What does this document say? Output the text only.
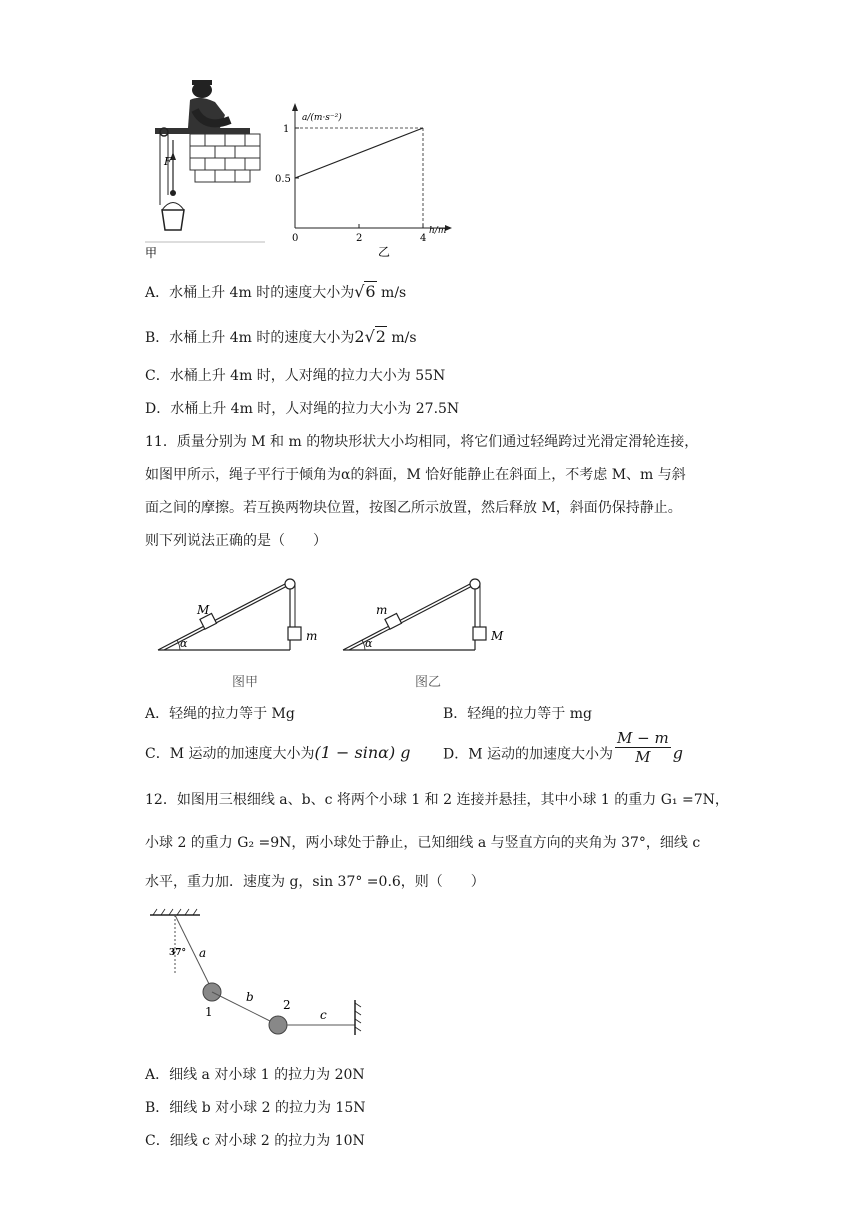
F
甲
a/(m·s⁻²)
h/m
1
0.5
0	2	4
乙
A．水桶上升 4m 时的速度大小为√6 m/s
B．水桶上升 4m 时的速度大小为2√2 m/s
C．水桶上升 4m 时，人对绳的拉力大小为 55N
D．水桶上升 4m 时，人对绳的拉力大小为 27.5N
11．质量分别为 M 和 m 的物块形状大小均相同，将它们通过轻绳跨过光滑定滑轮连接，
如图甲所示，绳子平行于倾角为α的斜面，M 恰好能静止在斜面上，不考虑 M、m 与斜
面之间的摩擦。若互换两物块位置，按图乙所示放置，然后释放 M，斜面仍保持静止。
则下列说法正确的是（　　）
m
M
α
图甲
M
m
α
图乙
A．轻绳的拉力等于 Mg	B．轻绳的拉力等于 mg
C．M 运动的加速度大小为(1 − sinα) g D．M 运动的加速度大小为 $\frac{M - m}{M}$ g
12．如图用三根细线 a、b、c 将两个小球 1 和 2 连接并悬挂，其中小球 1 的重力 G₁ =7N，
小球 2 的重力 G₂ =9N，两小球处于静止，已知细线 a 与竖直方向的夹角为 37°，细线 c
水平，重力加．速度为 g，sin 37° =0.6，则（　　）
37° a
1
b
2
c
A．细线 a 对小球 1 的拉力为 20N
B．细线 b 对小球 2 的拉力为 15N
C．细线 c 对小球 2 的拉力为 10N
